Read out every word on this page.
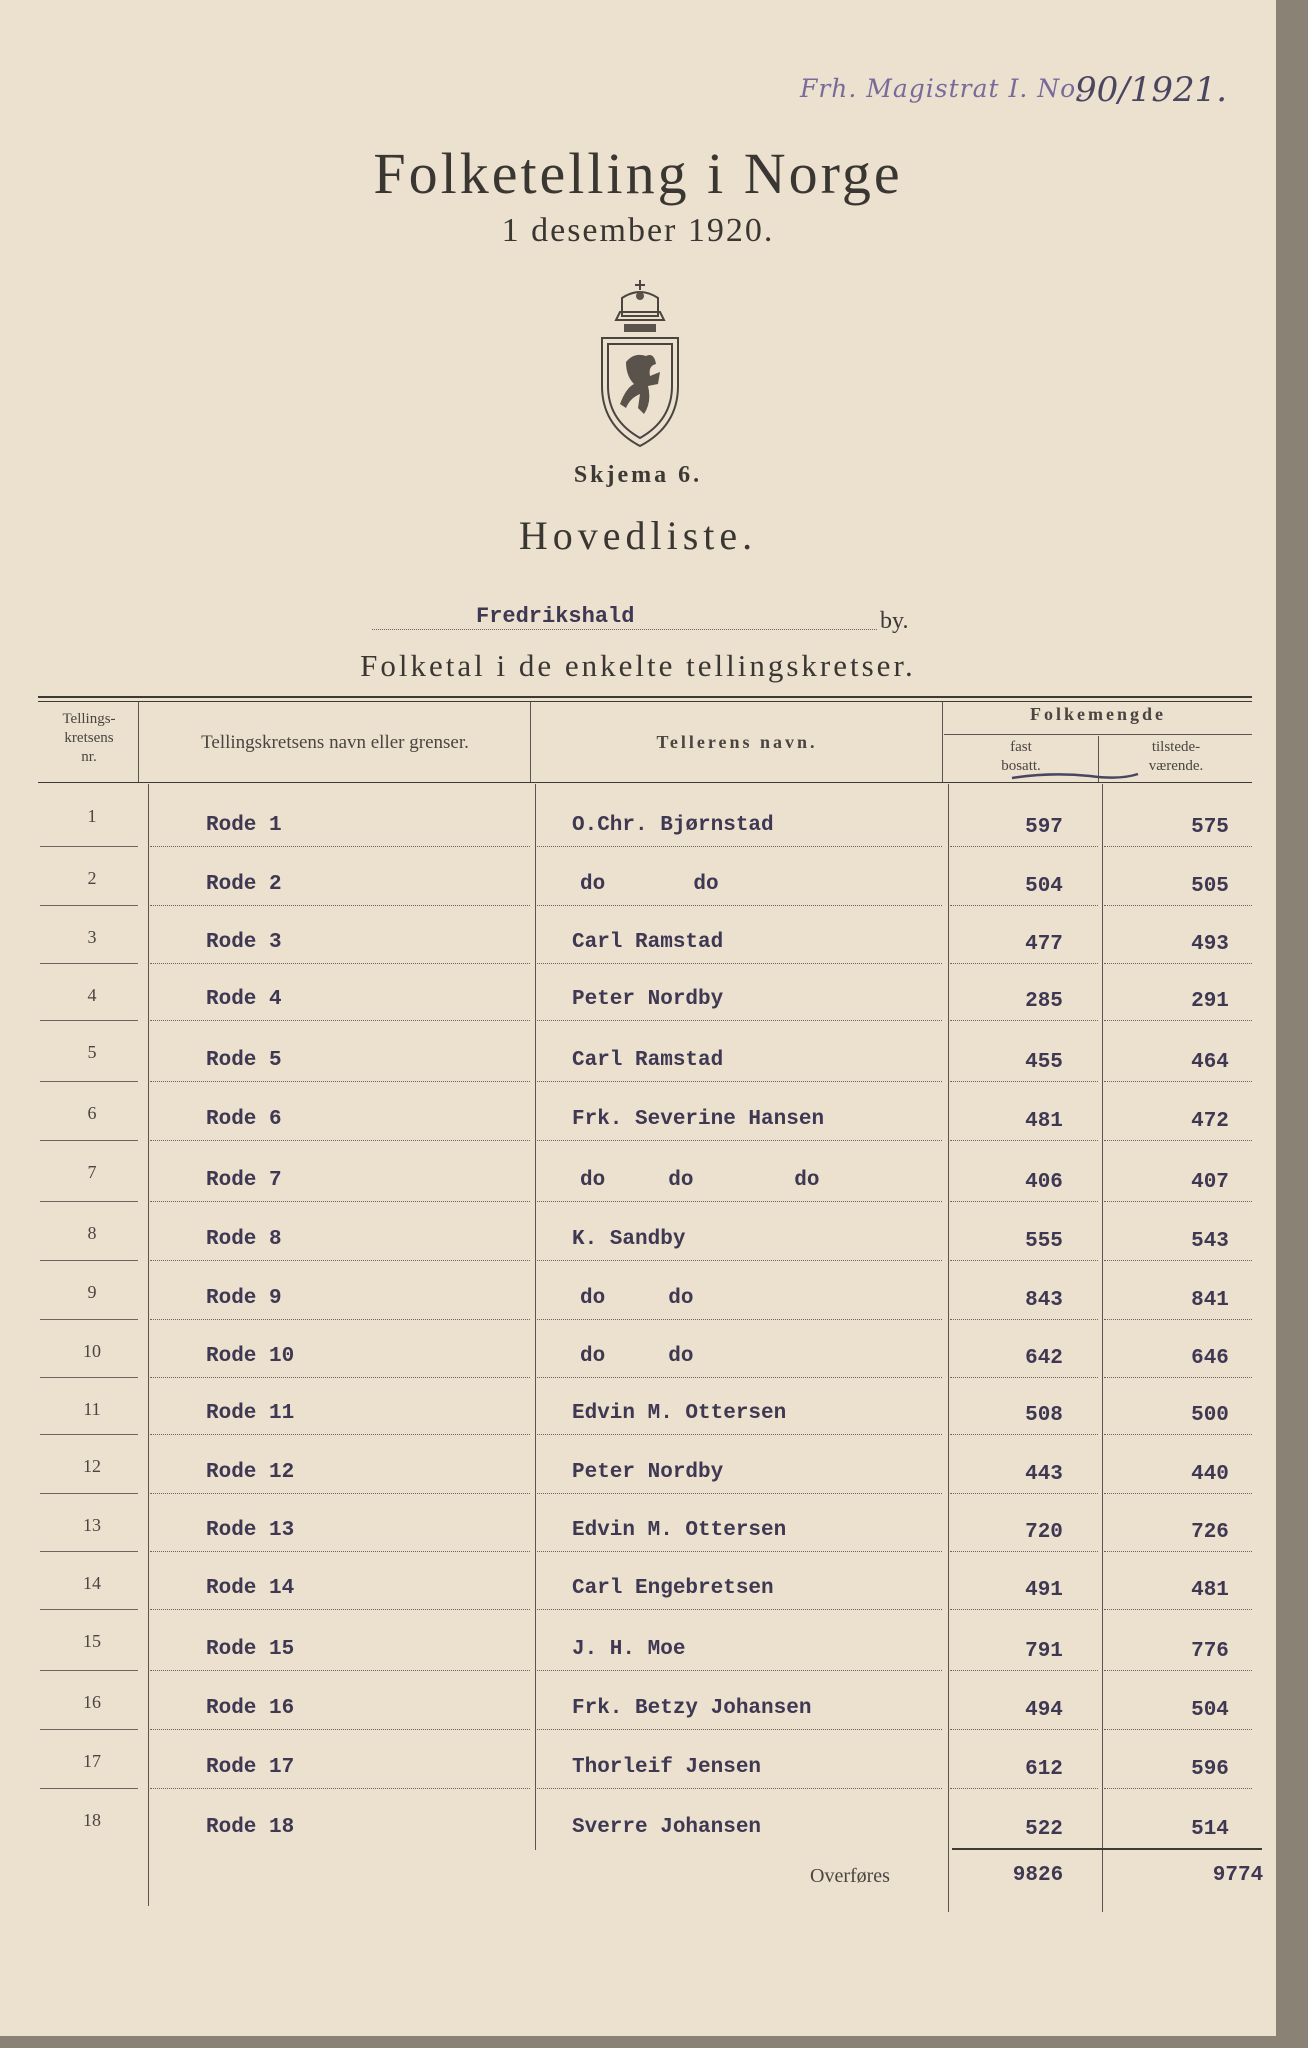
Frh. Magistrat I. No.
90/1921.
Folketelling i Norge
1 desember 1920.
Skjema 6.
Hovedliste.
Fredrikshald	by.
Folketal i de enkelte tellingskretser.
Tellings-
kretsens
nr.
Tellingskretsens navn eller grenser.	Tellerens navn.
Folkemengde
fast
bosatt.
tilstede-
værende.
1	Rode 1	O.Chr. Bjørnstad	597	575
2	Rode 2	do       do	504	505
3	Rode 3	Carl Ramstad	477	493
4	Rode 4	Peter Nordby	285	291
5	Rode 5	Carl Ramstad	455	464
6	Rode 6	Frk. Severine Hansen	481	472
7	Rode 7	do     do        do	406	407
8	Rode 8	K. Sandby	555	543
9	Rode 9	do     do	843	841
10	Rode 10	do     do	642	646
11	Rode 11	Edvin M. Ottersen	508	500
12	Rode 12	Peter Nordby	443	440
13	Rode 13	Edvin M. Ottersen	720	726
14	Rode 14	Carl Engebretsen	491	481
15	Rode 15	J. H. Moe	791	776
16	Rode 16	Frk. Betzy Johansen	494	504
17	Rode 17	Thorleif Jensen	612	596
18	Rode 18	Sverre Johansen	522	514
Overføres	9826	9774
